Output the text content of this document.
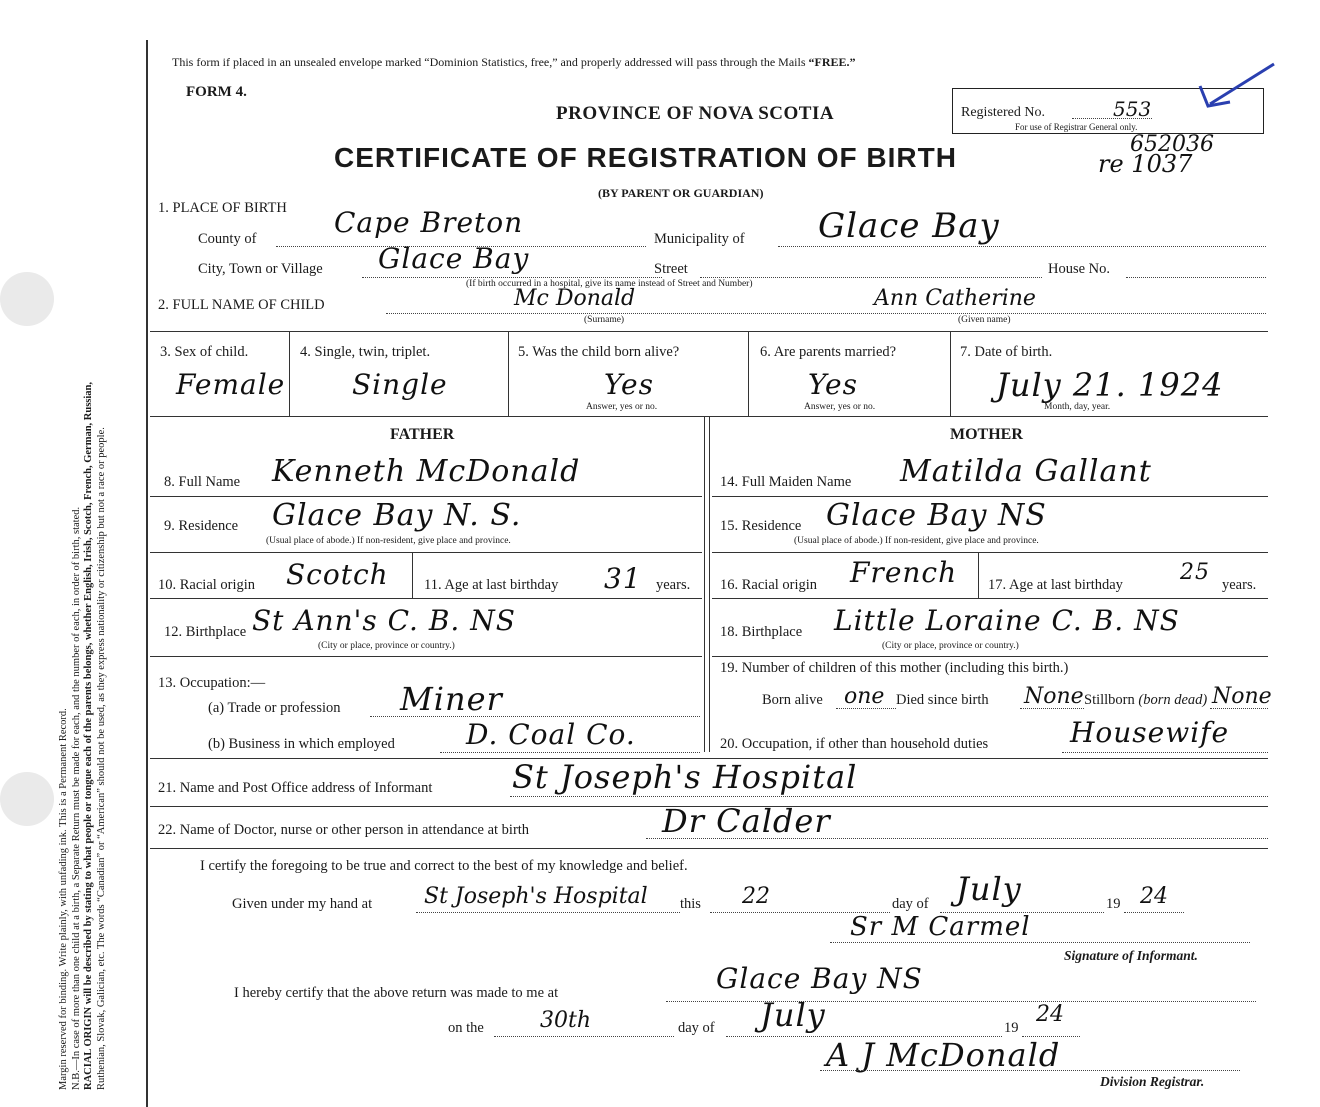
Margin reserved for binding. Write plainly, with unfading ink. This is a Permanent Record. N.B.—In case of more than one child at a birth, a Separate Return must be made for each, and the number of each, in order of birth, stated. RACIAL ORIGIN will be described by stating to what people or tongue each of the parents belongs, whether English, Irish, Scotch, French, German, Russian, Ruthenian, Slovak, Galician, etc. The words “Canadian” or “American” should not be used, as they express nationality or citizenship but not a race or people.
This form if placed in an unsealed envelope marked “Dominion Statistics, free,” and properly addressed will pass through the Mails “FREE.”
FORM 4.
PROVINCE OF NOVA SCOTIA
CERTIFICATE OF REGISTRATION OF BIRTH
(BY PARENT OR GUARDIAN)
Registered No.	553
For use of Registrar General only.
652036
re 1037
1. PLACE OF BIRTH
County of	Cape Breton	Municipality of Glace Bay
City, Town or Village Glace Bay	Street	House No.
(If birth occurred in a hospital, give its name instead of Street and Number)
2. FULL NAME OF CHILD	Mc Donald
(Surname)
Ann Catherine
(Given name)
3. Sex of child.
Female
4. Single, twin, triplet.
Single
5. Was the child born alive?
Yes
Answer, yes or no.
6. Are parents married?
Yes
Answer, yes or no.
7. Date of birth.
July 21. 1924
Month, day, year.
FATHER	MOTHER
8. Full Name Kenneth McDonald
9. Residence Glace Bay N. S.
(Usual place of abode.) If non-resident, give place and province.
10. Racial origin Scotch 11. Age at last birthday 31 years.
12. Birthplace St Ann's C. B. NS
(City or place, province or country.)
13. Occupation:—
(a) Trade or profession Miner
(b) Business in which employed	D. Coal Co.
14. Full Maiden Name Matilda Gallant
15. Residence Glace Bay NS
(Usual place of abode.) If non-resident, give place and province.
16. Racial origin French 17. Age at last birthday	25 years.
18. Birthplace Little Loraine C. B. NS
(City or place, province or country.)
19. Number of children of this mother (including this birth.)
Born alive one Died since birth None Stillborn (born dead) None
20. Occupation, if other than household duties	Housewife
21. Name and Post Office address of Informant St Joseph's Hospital
22. Name of Doctor, nurse or other person in attendance at birth	Dr Calder
I certify the foregoing to be true and correct to the best of my knowledge and belief.
Given under my hand at St Joseph's Hospital this 22	day of July	19 24
Sr M Carmel
Signature of Informant.
I hereby certify that the above return was made to me at	Glace Bay NS
on the	30th	day of July	19
24
A J McDonald
Division Registrar.
